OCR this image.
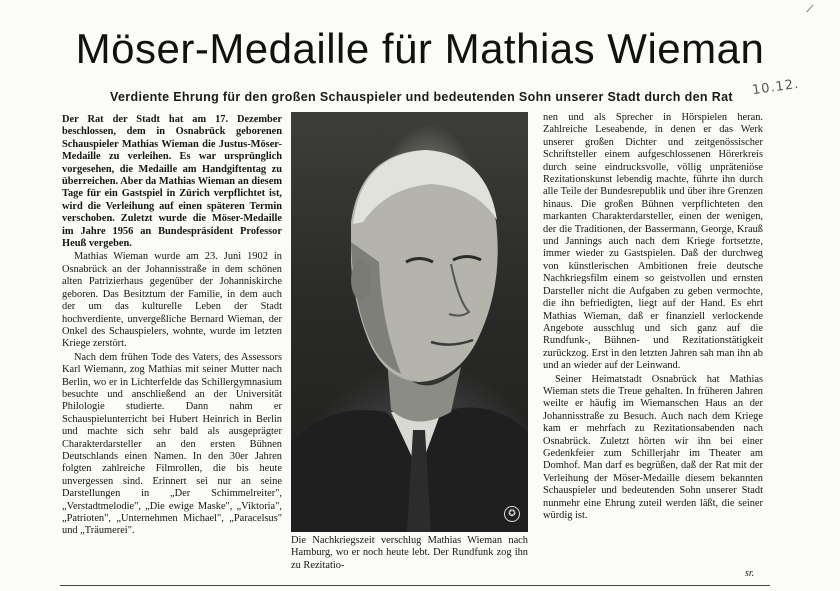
/
Möser-Medaille für Mathias Wieman
Verdiente Ehrung für den großen Schauspieler und bedeutenden Sohn unserer Stadt durch den Rat 10.12.

Der Rat der Stadt hat am 17. Dezember beschlossen, dem in Osnabrück geborenen Schauspieler Mathias Wieman die Justus-Möser-Medaille zu verleihen. Es war ursprünglich vorgesehen, die Medaille am Handgiftentag zu überreichen. Aber da Mathias Wieman an diesem Tage für ein Gastspiel in Zürich verpflichtet ist, wird die Verleihung auf einen späteren Termin verschoben. Zuletzt wurde die Möser-Medaille im Jahre 1956 an Bundespräsident Professor Heuß vergeben.

Mathias Wieman wurde am 23. Juni 1902 in Osnabrück an der Johannisstraße in dem schönen alten Patrizierhaus gegenüber der Johanniskirche geboren. Das Besitztum der Familie, in dem auch der um das kulturelle Leben der Stadt hochverdiente, unvergeßliche Bernard Wieman, der Onkel des Schauspielers, wohnte, wurde im letzten Kriege zerstört.

Nach dem frühen Tode des Vaters, des Assessors Karl Wiemann, zog Mathias mit seiner Mutter nach Berlin, wo er in Lichterfelde das Schillergymnasium besuchte und anschließend an der Universität Philologie studierte. Dann nahm er Schauspielunterricht bei Hubert Heinrich in Berlin und machte sich sehr bald als ausgeprägter Charakterdarsteller an den ersten Bühnen Deutschlands einen Namen. In den 30er Jahren folgten zahlreiche Filmrollen, die bis heute unvergessen sind. Erinnert sei nur an seine Darstellungen in „Der Schimmelreiter", „Verstadtmelodie", „Die ewige Maske", „Viktoria", „Patrioten", „Unternehmen Michael", „Paracelsus" und „Träumerei".

✪
Die Nachkriegszeit verschlug Mathias Wieman nach Hamburg, wo er noch heute lebt. Der Rundfunk zog ihn zu Rezitatio-

nen und als Sprecher in Hörspielen heran. Zahlreiche Leseabende, in denen er das Werk unserer großen Dichter und zeitgenössischer Schriftsteller einem aufgeschlossenen Hörerkreis durch seine eindrucksvolle, völlig unpräteniöse Rezitationskunst lebendig machte, führte ihn durch alle Teile der Bundesrepublik und über ihre Grenzen hinaus. Die großen Bühnen verpflichteten den markanten Charakterdarsteller, einen der wenigen, der die Traditionen, der Bassermann, George, Krauß und Jannings auch nach dem Kriege fortsetzte, immer wieder zu Gastspielen. Daß der durchweg von künstlerischen Ambitionen freie deutsche Nachkriegsfilm einem so geistvollen und ernsten Darsteller nicht die Aufgaben zu geben vermochte, die ihn befriedigten, liegt auf der Hand. Es ehrt Mathias Wieman, daß er finanziell verlockende Angebote ausschlug und sich ganz auf die Rundfunk-, Bühnen- und Rezitationstätigkeit zurückzog. Erst in den letzten Jahren sah man ihn ab und an wieder auf der Leinwand.

Seiner Heimatstadt Osnabrück hat Mathias Wieman stets die Treue gehalten. In früheren Jahren weilte er häufig im Wiemanschen Haus an der Johannisstraße zu Besuch. Auch nach dem Kriege kam er mehrfach zu Rezitationsabenden nach Osnabrück. Zuletzt hörten wir ihn bei einer Gedenkfeier zum Schillerjahr im Theater am Domhof. Man darf es begrüßen, daß der Rat mit der Verleihung der Möser-Medaille diesem bekannten Schauspieler und bedeutenden Sohn unserer Stadt nunmehr eine Ehrung zuteil werden läßt, die seiner würdig ist.

sr.
